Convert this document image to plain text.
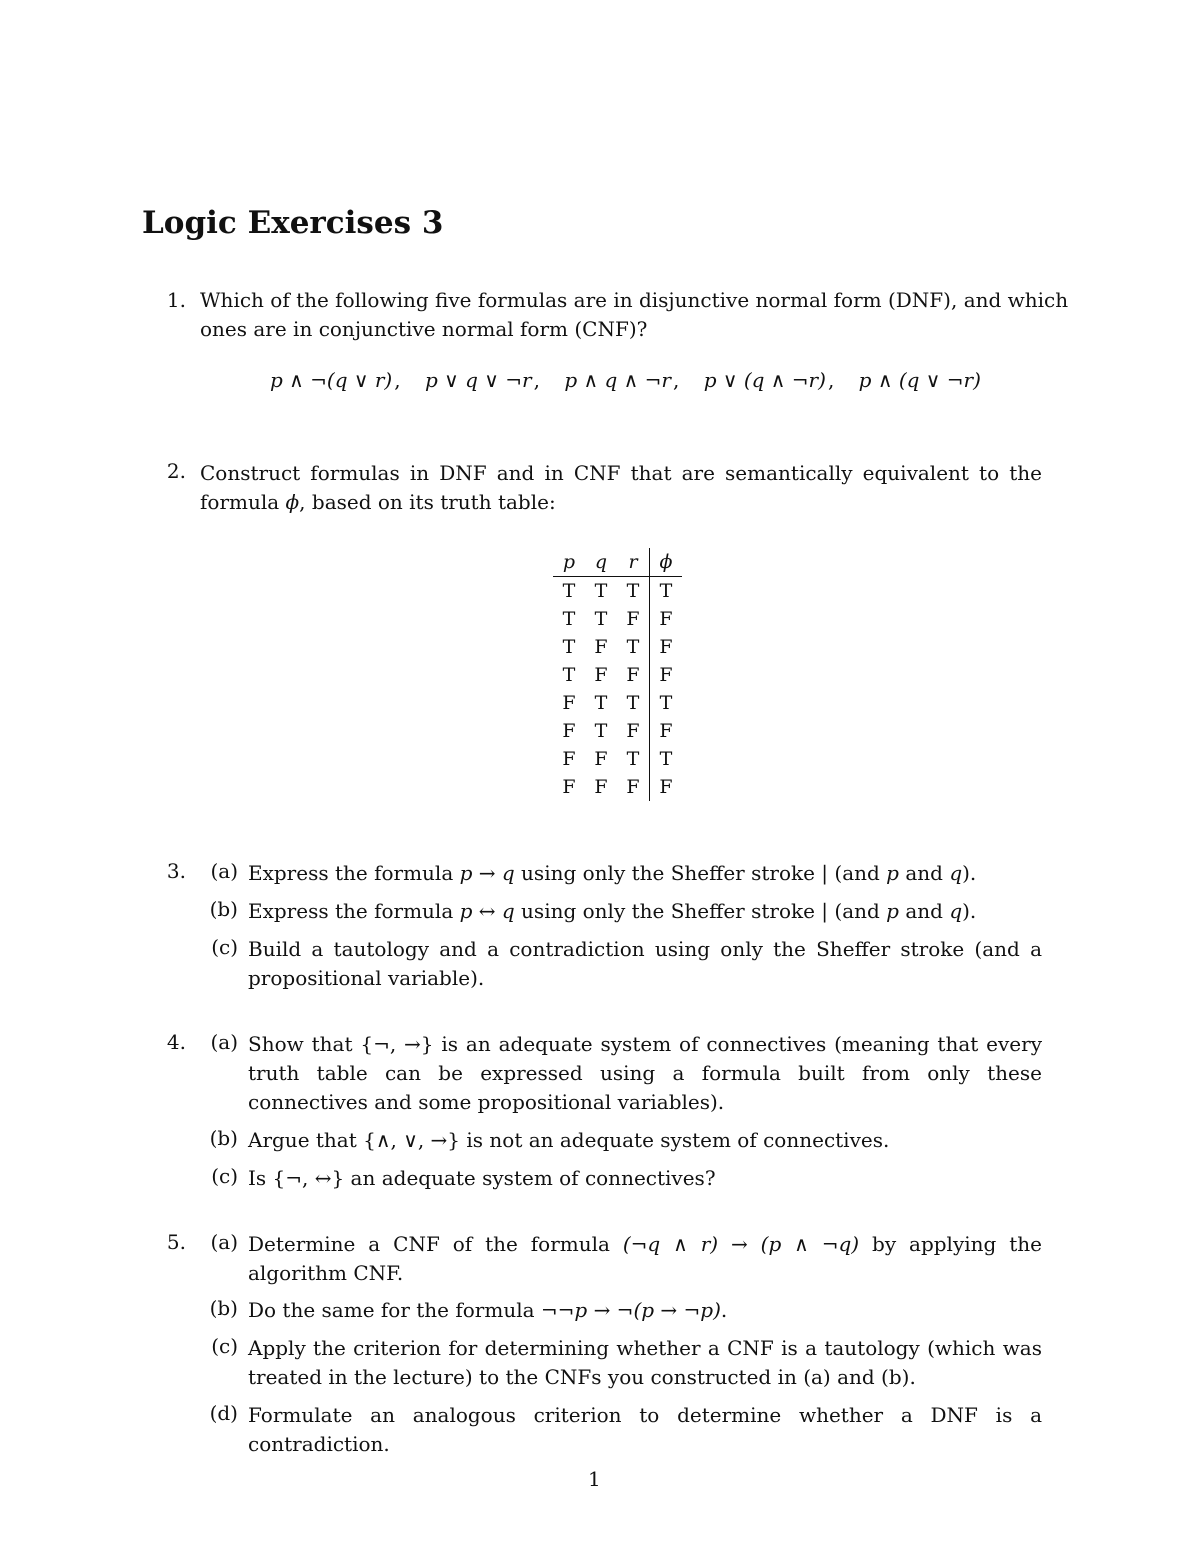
Logic Exercises 3
1. Which of the following five formulas are in disjunctive normal form (DNF), and which
ones are in conjunctive normal form (CNF)?
p ∧ ¬(q ∨ r) , p ∨ q ∨ ¬r , p ∧ q ∧ ¬r , p ∨ (q ∧ ¬r) , p ∧ (q ∨ ¬r)
2. Construct formulas in DNF and in CNF that are semantically equivalent to the formula ϕ, based on its truth table:

p	q	r	ϕ
T	T	T	T
T	T	F	F
T	F	T	F
T	F	F	F
F	T	T	T
F	T	F	F
F	F	T	T
F	F	F	F
3.	(a) Express the formula p → q using only the Sheffer stroke | (and p and q).

(b) Express the formula p ↔ q using only the Sheffer stroke | (and p and q).

(c) Build a tautology and a contradiction using only the Sheffer stroke (and a propositional variable).

4.	(a) Show that {¬, →} is an adequate system of connectives (meaning that every truth table can be expressed using a formula built from only these connectives and some propositional variables).

(b) Argue that {∧, ∨, →} is not an adequate system of connectives.

(c) Is {¬, ↔} an adequate system of connectives?

5.	(a) Determine a CNF of the formula (¬q ∧ r) → (p ∧ ¬q) by applying the algorithm CNF.

(b) Do the same for the formula ¬¬p → ¬(p → ¬p).

(c) Apply the criterion for determining whether a CNF is a tautology (which was treated in the lecture) to the CNFs you constructed in (a) and (b).

(d) Formulate an analogous criterion to determine whether a DNF is a contradiction.

1
